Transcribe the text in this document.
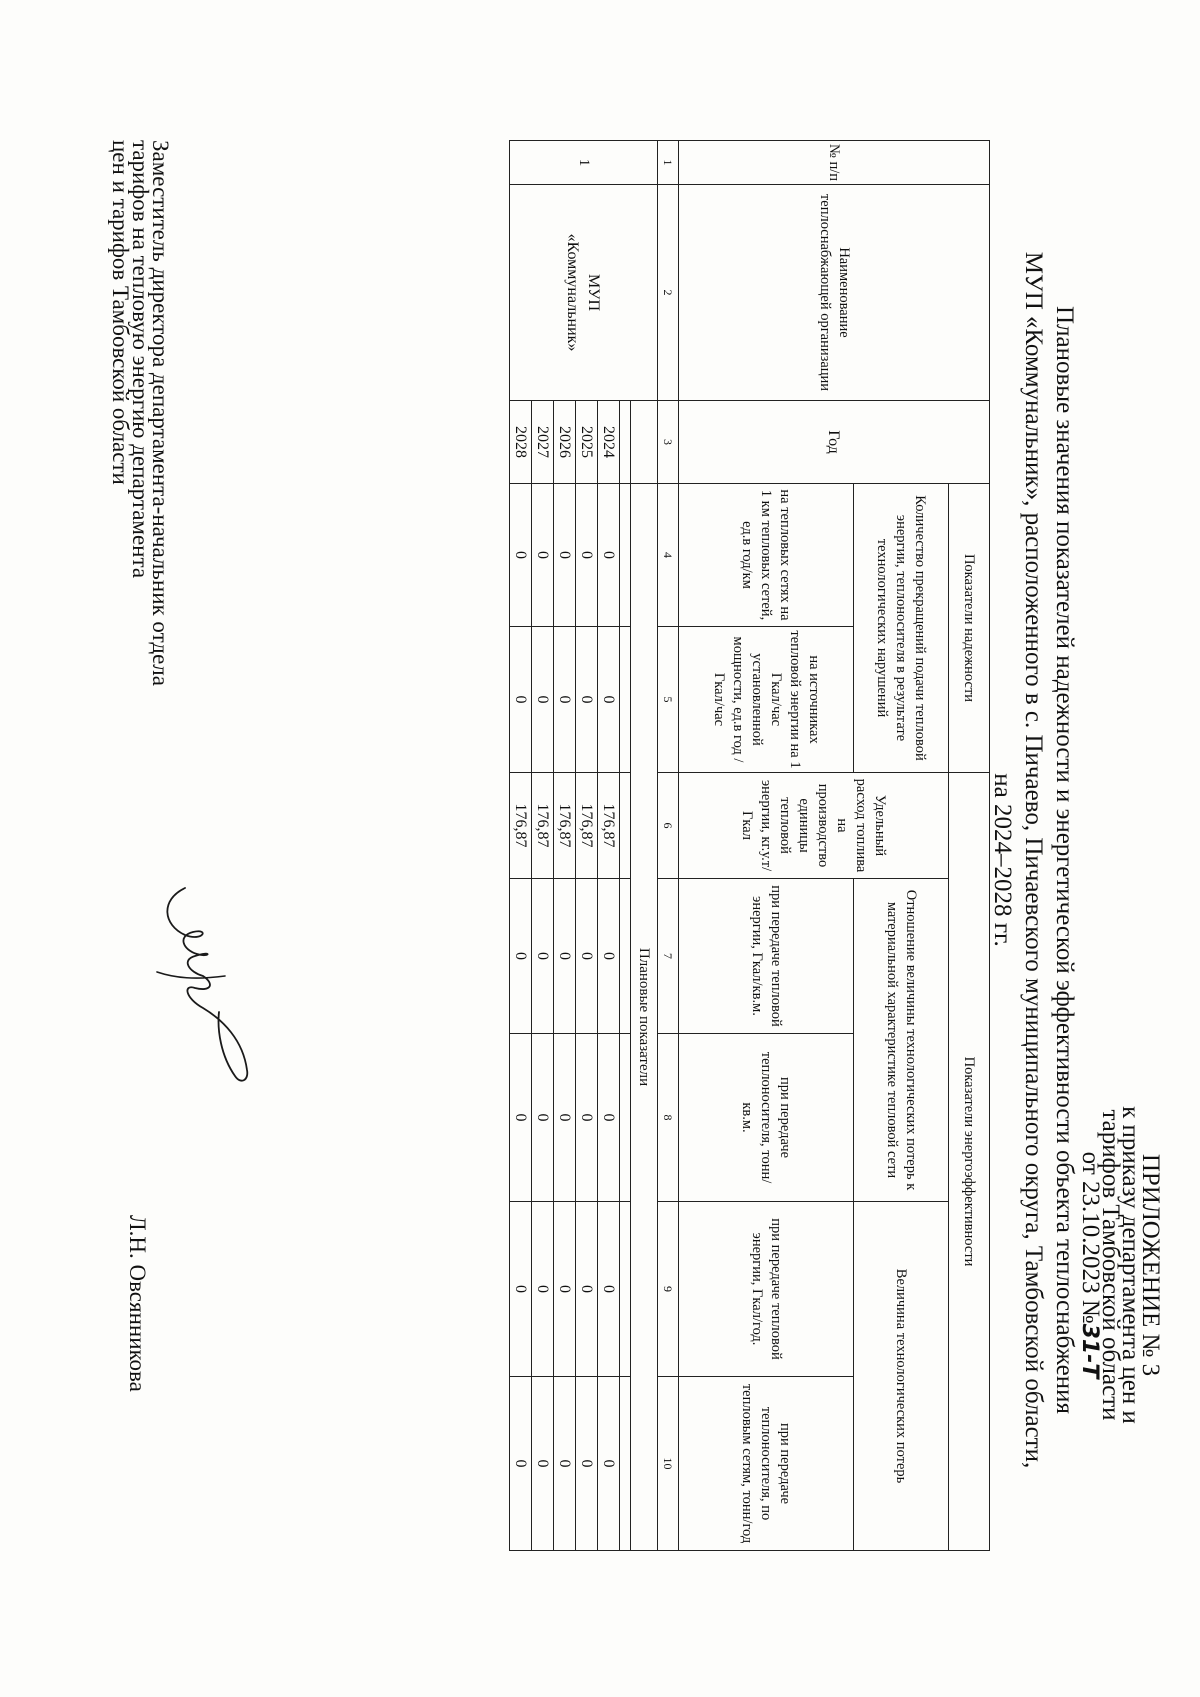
ПРИЛОЖЕНИЕ № 3
к приказу департамента цен и
тарифов Тамбовской области
от 23.10.2023 №31-Т
Плановые значения показателей надежности и энергетической эффективности объекта теплоснабжения
МУП «Коммунальник», расположенного в с. Пичаево, Пичаевского муниципального округа, Тамбовской области,
на 2024–2028 гг.
№ п/п	Наименование теплоснабжающей организации	Год	Показатели надежности		Показатели энергоэффективности				
			Количество прекращений подачи тепловой энергии, теплоносителя в результате технологических нарушений		Удельный расход топлива на производство единицы тепловой энергии, кг.у.т/Гкал	Отношение величины технологических потерь к материальной характеристике тепловой сети		Величина технологических потерь	
			на тепловых сетях на 1 км тепловых сетей, ед.в год/км	на источниках тепловой энергии на 1 Гкал/час установленной мощности, ед.в год /Гкал/час		при передаче тепловой энергии, Гкал/кв.м.	при передаче теплоносителя, тонн/кв.м.	при передаче тепловой энергии, Гкал/год.	при передаче теплоносителя, по тепловым сетям, тонн/год
1	2	3	4	5	6	7	8	9	10
1	МУП
«Коммунальник»		Плановые показатели						

		2024	0	0	176,87	0	0	0	0
		2025	0	0	176,87	0	0	0	0
		2026	0	0	176,87	0	0	0	0
		2027	0	0	176,87	0	0	0	0
		2028	0	0	176,87	0	0	0	0
Заместитель директора департамента-начальник отдела
тарифов на тепловую энергию департамента
цен и тарифов Тамбовской области
Л.Н. Овсянникова
